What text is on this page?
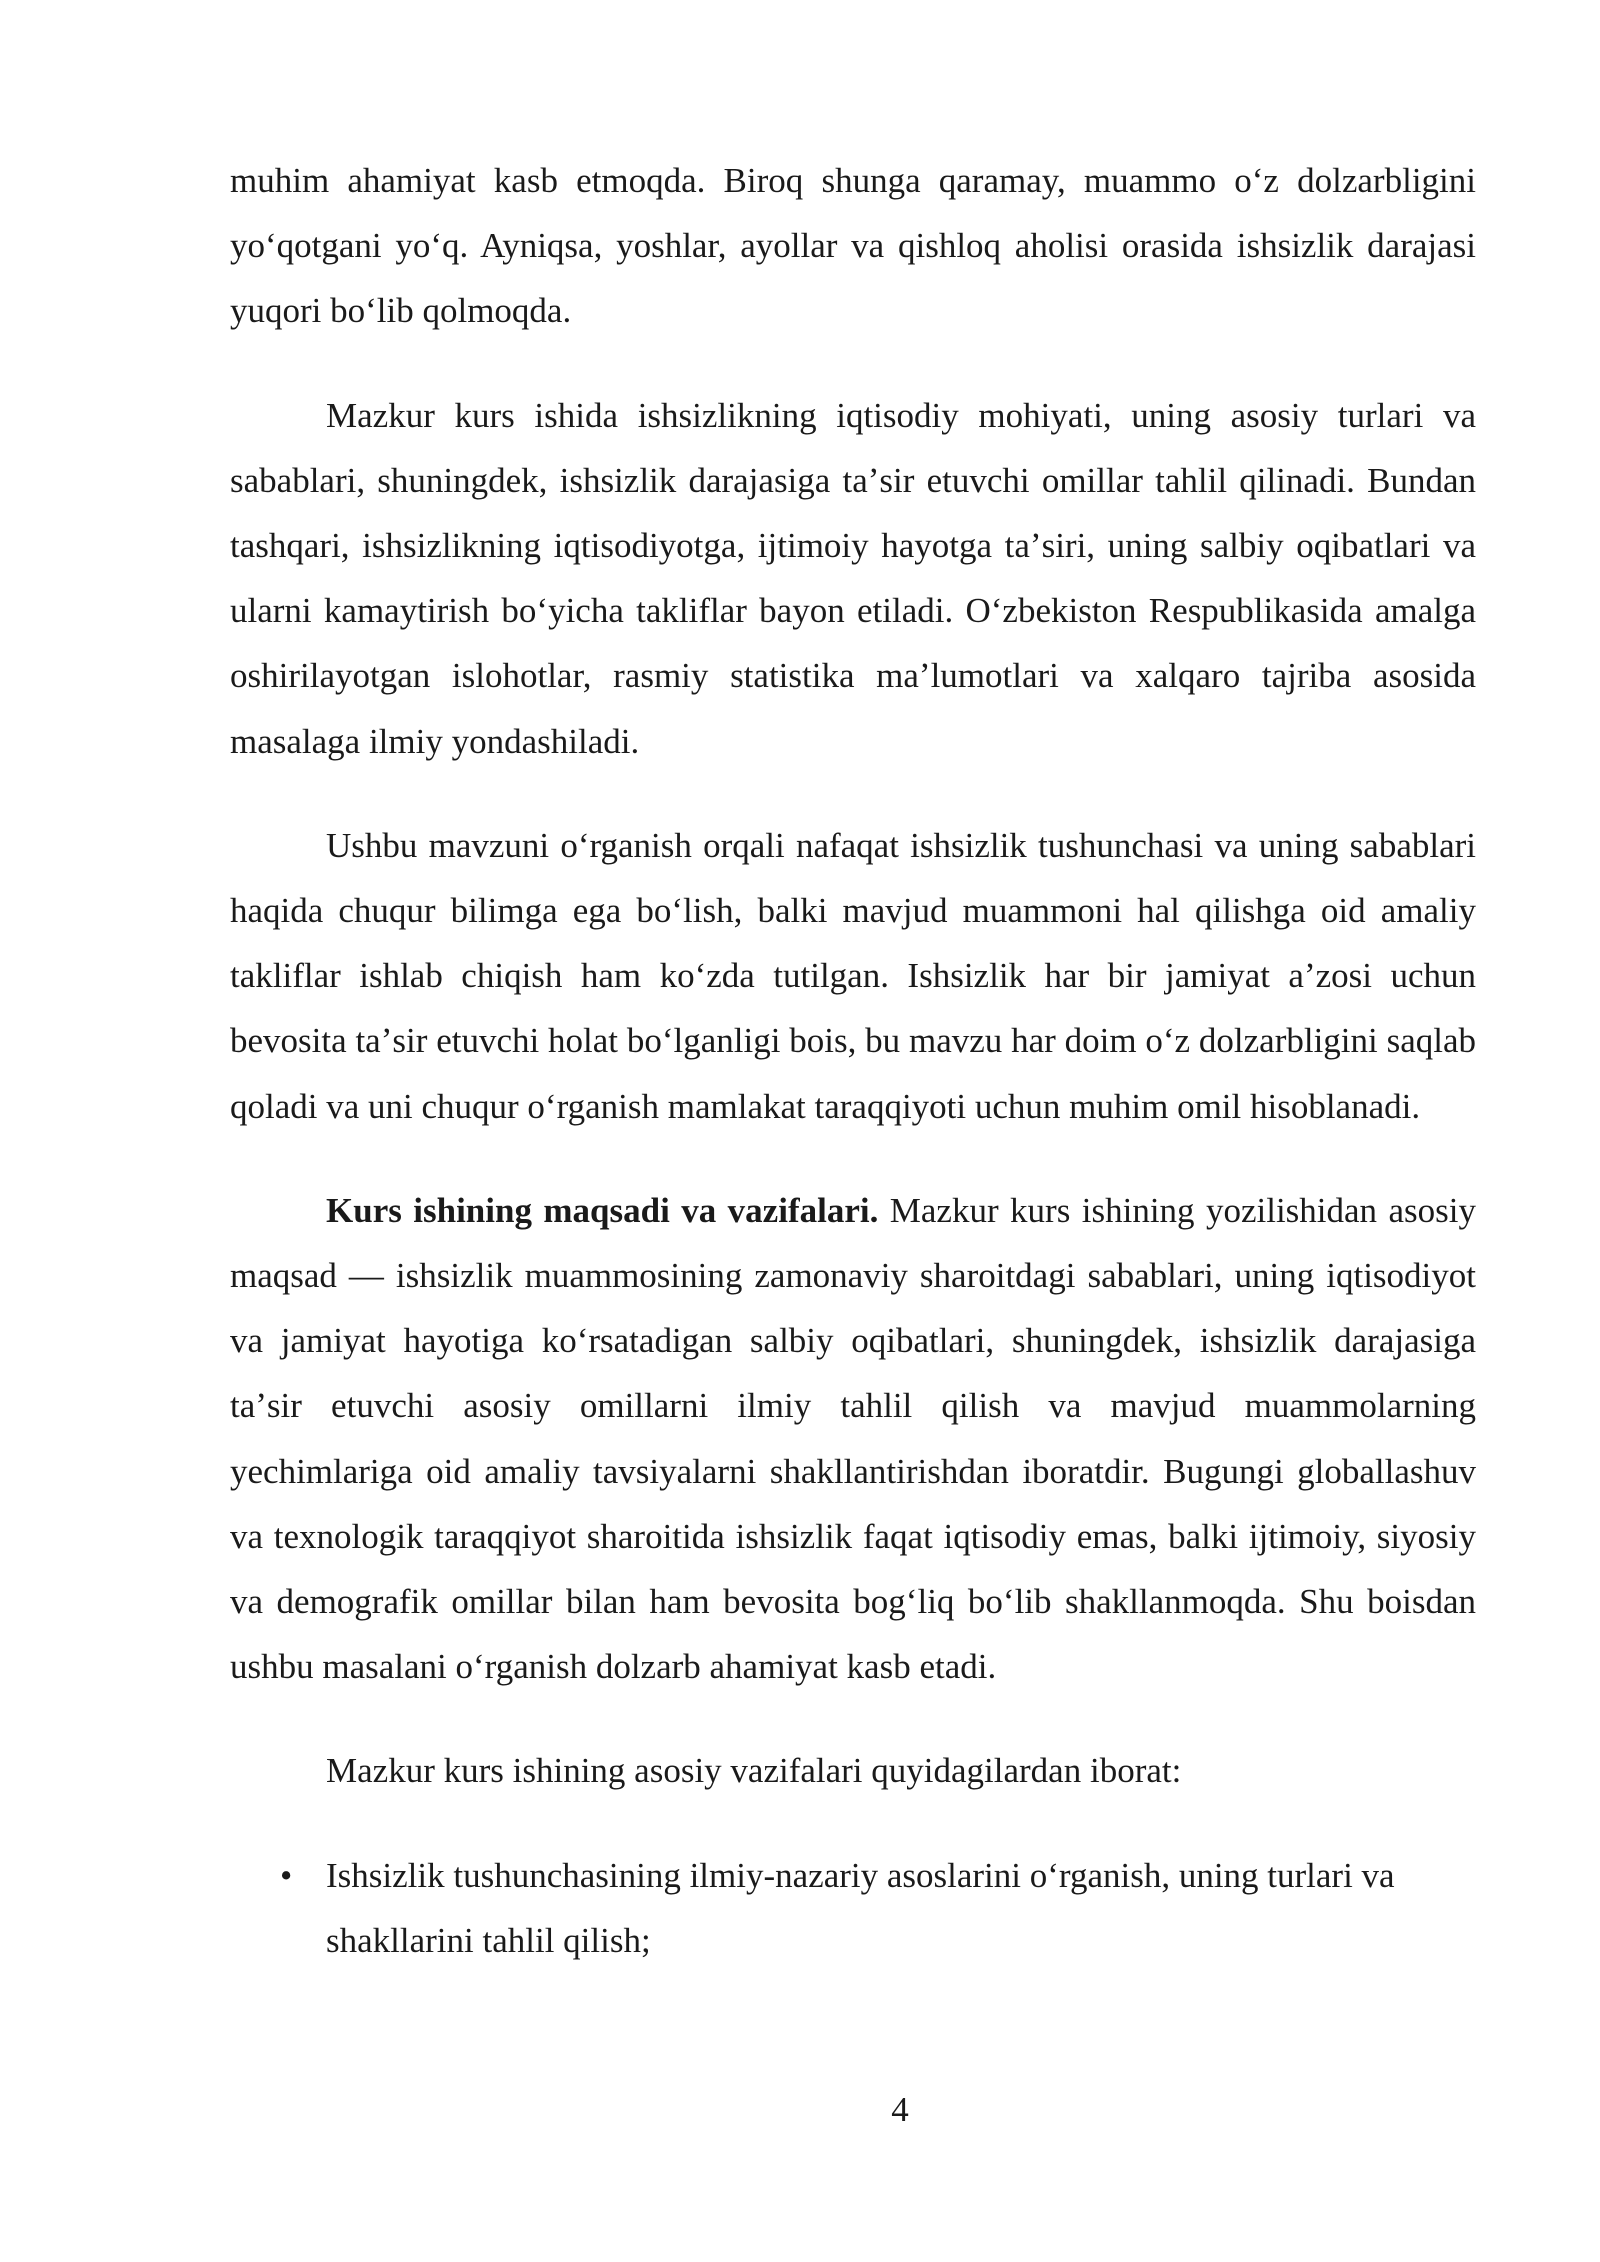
muhim ahamiyat kasb etmoqda. Biroq shunga qaramay, muammo oʻz dolzarbligini yoʻqotgani yoʻq. Ayniqsa, yoshlar, ayollar va qishloq aholisi orasida ishsizlik darajasi yuqori boʻlib qolmoqda.

Mazkur kurs ishida ishsizlikning iqtisodiy mohiyati, uning asosiy turlari va sabablari, shuningdek, ishsizlik darajasiga taʼsir etuvchi omillar tahlil qilinadi. Bundan tashqari, ishsizlikning iqtisodiyotga, ijtimoiy hayotga taʼsiri, uning salbiy oqibatlari va ularni kamaytirish boʻyicha takliflar bayon etiladi. Oʻzbekiston Respublikasida amalga oshirilayotgan islohotlar, rasmiy statistika maʼlumotlari va xalqaro tajriba asosida masalaga ilmiy yondashiladi.

Ushbu mavzuni oʻrganish orqali nafaqat ishsizlik tushunchasi va uning sabablari haqida chuqur bilimga ega boʻlish, balki mavjud muammoni hal qilishga oid amaliy takliflar ishlab chiqish ham koʻzda tutilgan. Ishsizlik har bir jamiyat aʼzosi uchun bevosita taʼsir etuvchi holat boʻlganligi bois, bu mavzu har doim oʻz dolzarbligini saqlab qoladi va uni chuqur oʻrganish mamlakat taraqqiyoti uchun muhim omil hisoblanadi.

Kurs ishining maqsadi va vazifalari. Mazkur kurs ishining yozilishidan asosiy maqsad — ishsizlik muammosining zamonaviy sharoitdagi sabablari, uning iqtisodiyot va jamiyat hayotiga koʻrsatadigan salbiy oqibatlari, shuningdek, ishsizlik darajasiga taʼsir etuvchi asosiy omillarni ilmiy tahlil qilish va mavjud muammolarning yechimlariga oid amaliy tavsiyalarni shakllantirishdan iboratdir. Bugungi globallashuv va texnologik taraqqiyot sharoitida ishsizlik faqat iqtisodiy emas, balki ijtimoiy, siyosiy va demografik omillar bilan ham bevosita bogʻliq boʻlib shakllanmoqda. Shu boisdan ushbu masalani oʻrganish dolzarb ahamiyat kasb etadi.

Mazkur kurs ishining asosiy vazifalari quyidagilardan iborat:

• Ishsizlik tushunchasining ilmiy-nazariy asoslarini oʻrganish, uning turlari va shakllarini tahlil qilish;
4
